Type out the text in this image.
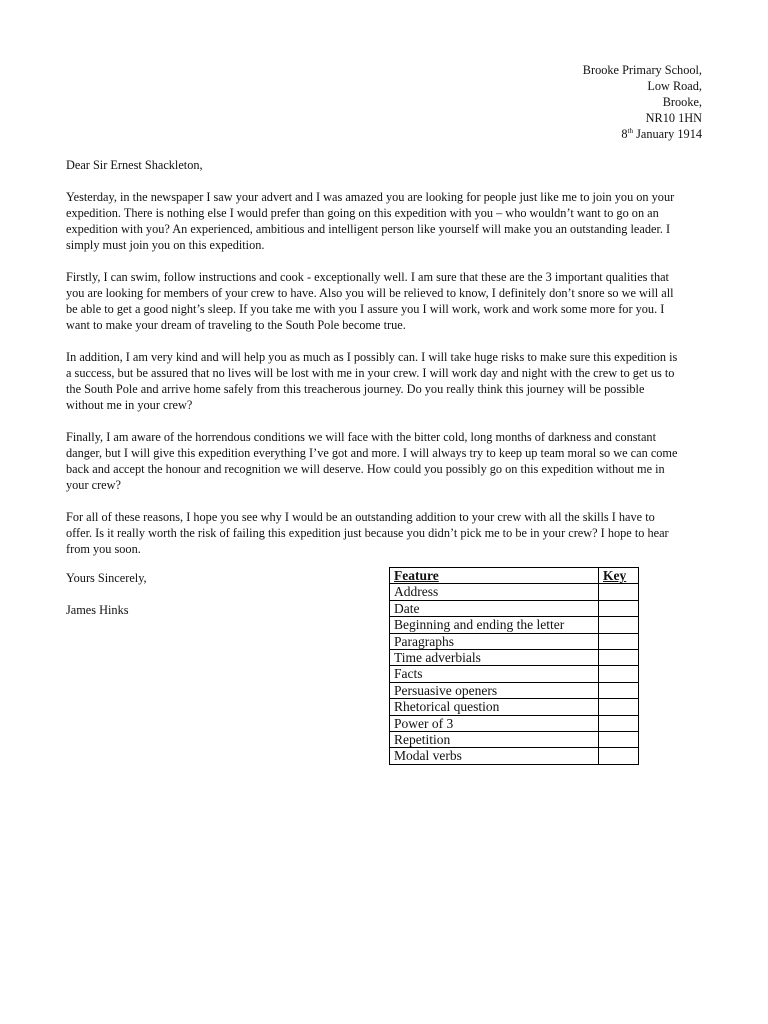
Brooke Primary School,
Low Road,
Brooke,
NR10 1HN
8th January 1914
Dear Sir Ernest Shackleton,
Yesterday, in the newspaper I saw your advert and I was amazed you are looking for people just like me to join you on your
expedition. There is nothing else I would prefer than going on this expedition with you – who wouldn’t want to go on an
expedition with you? An experienced, ambitious and intelligent person like yourself will make you an outstanding leader. I
simply must join you on this expedition.
Firstly, I can swim, follow instructions and cook - exceptionally well. I am sure that these are the 3 important qualities that
you are looking for members of your crew to have. Also you will be relieved to know, I definitely don’t snore so we will all
be able to get a good night’s sleep. If you take me with you I assure you I will work, work and work some more for you. I
want to make your dream of traveling to the South Pole become true.
In addition, I am very kind and will help you as much as I possibly can. I will take huge risks to make sure this expedition is
a success, but be assured that no lives will be lost with me in your crew. I will work day and night with the crew to get us to
the South Pole and arrive home safely from this treacherous journey. Do you really think this journey will be possible
without me in your crew?
Finally, I am aware of the horrendous conditions we will face with the bitter cold, long months of darkness and constant
danger, but I will give this expedition everything I’ve got and more. I will always try to keep up team moral so we can come
back and accept the honour and recognition we will deserve. How could you possibly go on this expedition without me in
your crew?
For all of these reasons, I hope you see why I would be an outstanding addition to your crew with all the skills I have to
offer. Is it really worth the risk of failing this expedition just because you didn’t pick me to be in your crew? I hope to hear
from you soon.
Yours Sincerely,
James Hinks
Feature	Key
Address	
Date	
Beginning and ending the letter	
Paragraphs	
Time adverbials	
Facts	
Persuasive openers	
Rhetorical question	
Power of 3	
Repetition	
Modal verbs	
